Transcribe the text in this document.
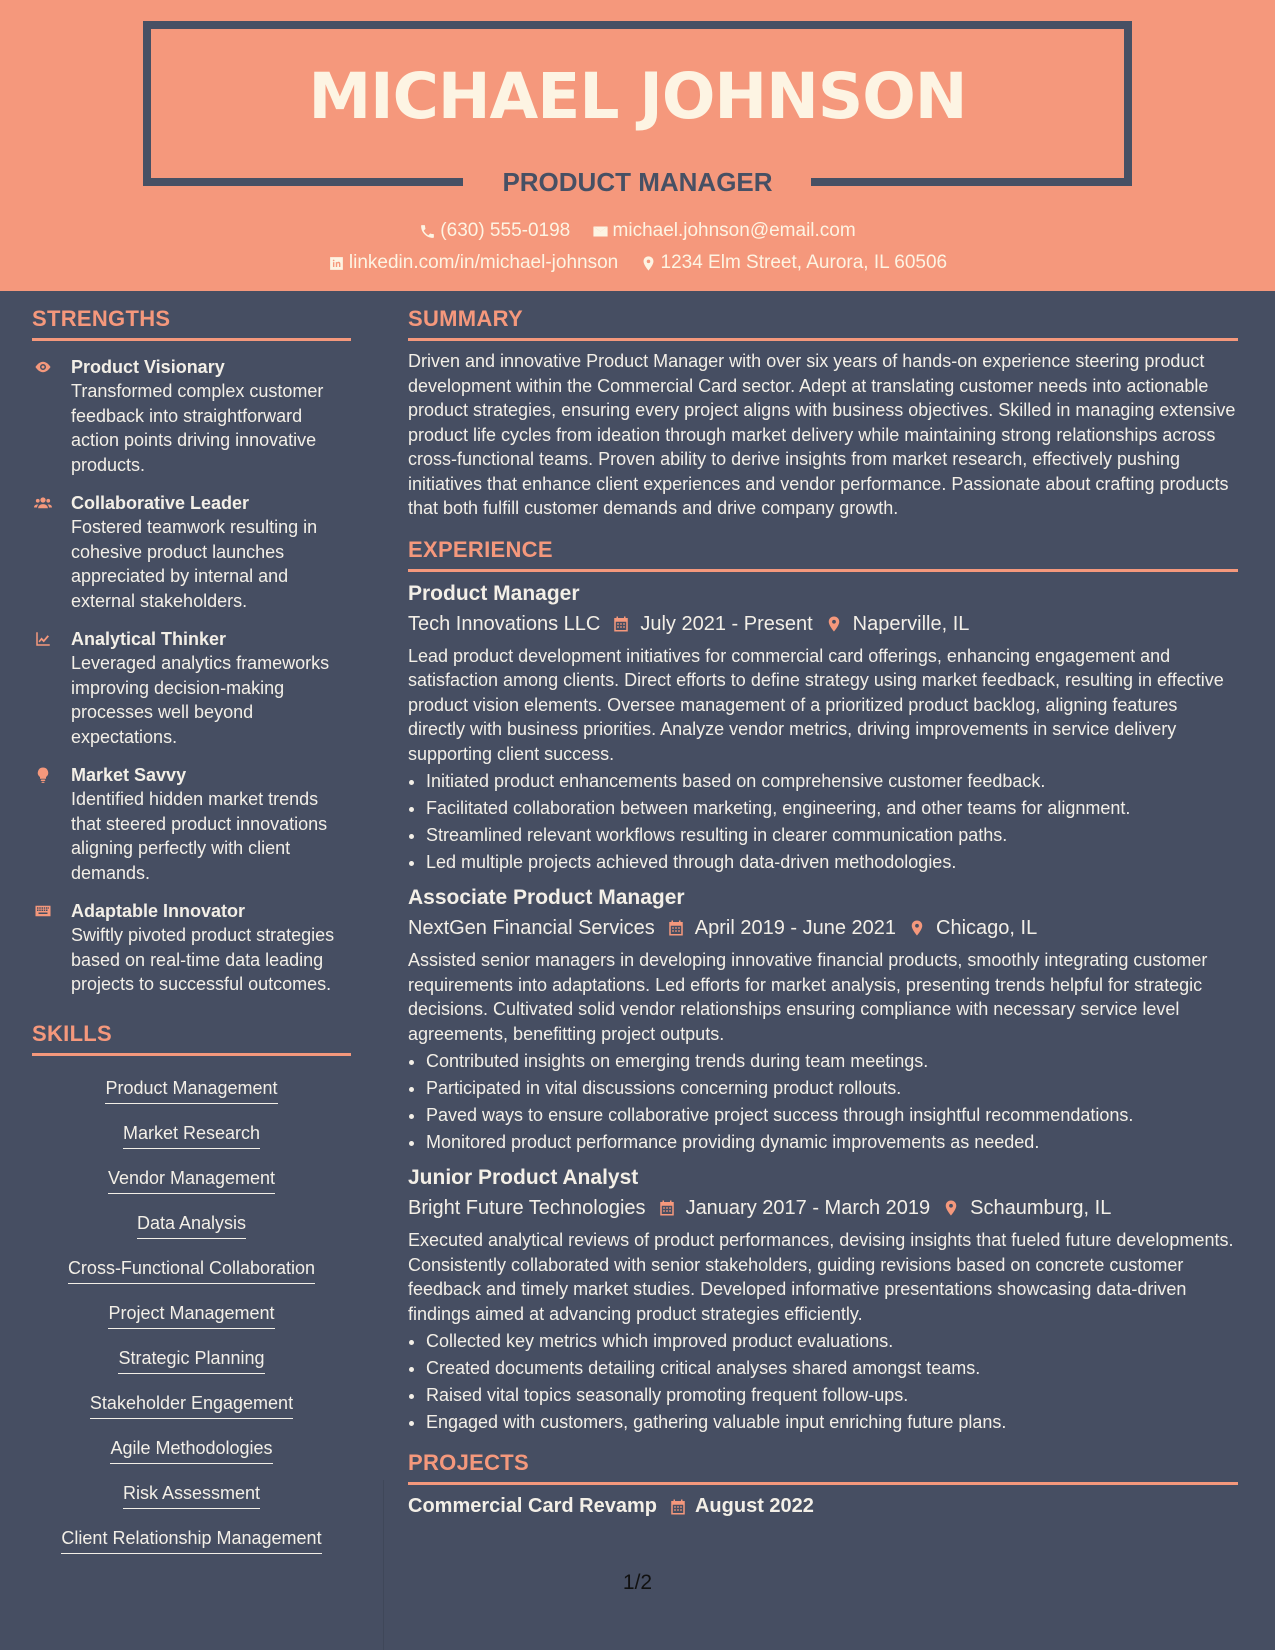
MICHAEL JOHNSON
PRODUCT MANAGER
(630) 555-0198
michael.johnson@email.com
linkedin.com/in/michael-johnson
1234 Elm Street, Aurora, IL 60506
STRENGTHS
Product Visionary
Transformed complex customer feedback into straightforward action points driving innovative products.
Collaborative Leader
Fostered teamwork resulting in cohesive product launches appreciated by internal and external stakeholders.
Analytical Thinker
Leveraged analytics frameworks improving decision-making processes well beyond expectations.
Market Savvy
Identified hidden market trends that steered product innovations aligning perfectly with client demands.
Adaptable Innovator
Swiftly pivoted product strategies based on real-time data leading projects to successful outcomes.
SKILLS
Product Management
Market Research
Vendor Management
Data Analysis
Cross-Functional Collaboration
Project Management
Strategic Planning
Stakeholder Engagement
Agile Methodologies
Risk Assessment
Client Relationship Management
SUMMARY
Driven and innovative Product Manager with over six years of hands-on experience steering product development within the Commercial Card sector. Adept at translating customer needs into actionable product strategies, ensuring every project aligns with business objectives. Skilled in managing extensive product life cycles from ideation through market delivery while maintaining strong relationships across cross-functional teams. Proven ability to derive insights from market research, effectively pushing initiatives that enhance client experiences and vendor performance. Passionate about crafting products that both fulfill customer demands and drive company growth.
EXPERIENCE
Product Manager
Tech Innovations LLC July 2021 - Present Naperville, IL
Lead product development initiatives for commercial card offerings, enhancing engagement and satisfaction among clients. Direct efforts to define strategy using market feedback, resulting in effective product vision elements. Oversee management of a prioritized product backlog, aligning features directly with business priorities. Analyze vendor metrics, driving improvements in service delivery supporting client success.
• Initiated product enhancements based on comprehensive customer feedback.
• Facilitated collaboration between marketing, engineering, and other teams for alignment.
• Streamlined relevant workflows resulting in clearer communication paths.
• Led multiple projects achieved through data-driven methodologies.
Associate Product Manager
NextGen Financial Services April 2019 - June 2021 Chicago, IL
Assisted senior managers in developing innovative financial products, smoothly integrating customer requirements into adaptations. Led efforts for market analysis, presenting trends helpful for strategic decisions. Cultivated solid vendor relationships ensuring compliance with necessary service level agreements, benefitting project outputs.
• Contributed insights on emerging trends during team meetings.
• Participated in vital discussions concerning product rollouts.
• Paved ways to ensure collaborative project success through insightful recommendations.
• Monitored product performance providing dynamic improvements as needed.
Junior Product Analyst
Bright Future Technologies January 2017 - March 2019 Schaumburg, IL
Executed analytical reviews of product performances, devising insights that fueled future developments. Consistently collaborated with senior stakeholders, guiding revisions based on concrete customer feedback and timely market studies. Developed informative presentations showcasing data-driven findings aimed at advancing product strategies efficiently.
• Collected key metrics which improved product evaluations.
• Created documents detailing critical analyses shared amongst teams.
• Raised vital topics seasonally promoting frequent follow-ups.
• Engaged with customers, gathering valuable input enriching future plans.
PROJECTS
Commercial Card Revamp August 2022
1/2
